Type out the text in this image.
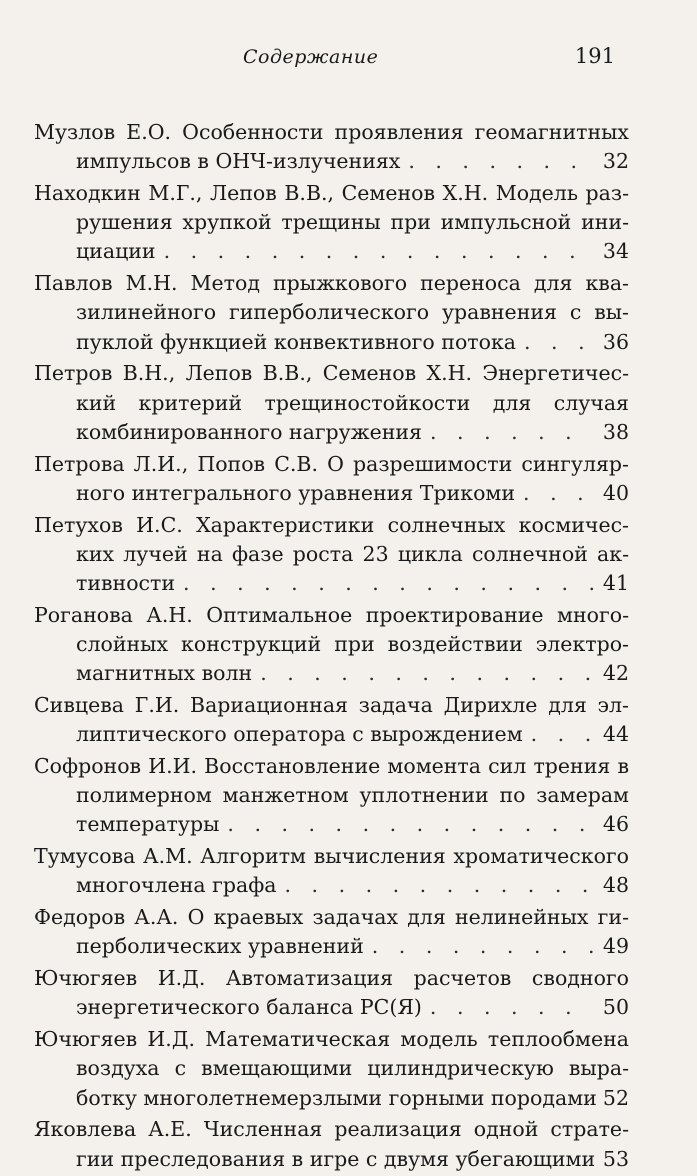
Содержание	191
Музлов Е.О. Особенности проявления геомагнитных
импульсов в ОНЧ-излучениях . . .	32
Находкин М.Г., Лепов В.В., Семенов Х.Н. Модель раз-
рушения хрупкой трещины при импульсной ини-
циации . . .	34
Павлов М.Н. Метод прыжкового переноса для ква-
зилинейного гиперболического уравнения с вы-
пуклой функцией конвективного потока . . .	36
Петров В.Н., Лепов В.В., Семенов Х.Н. Энергетичес-
кий критерий трещиностойкости для случая
комбинированного нагружения . . .	38
Петрова Л.И., Попов С.В. О разрешимости сингуляр-
ного интегрального уравнения Трикоми . . .	40
Петухов И.С. Характеристики солнечных космичес-
ких лучей на фазе роста 23 цикла солнечной ак-
тивности . . .	41
Роганова А.Н. Оптимальное проектирование много-
слойных конструкций при воздействии электро-
магнитных волн . . .	42
Сивцева Г.И. Вариационная задача Дирихле для эл-
липтического оператора с вырождением . . .	44
Софронов И.И. Восстановление момента сил трения в
полимерном манжетном уплотнении по замерам
температуры . . .	46
Тумусова А.М. Алгоритм вычисления хроматического
многочлена графа . . .	48
Федоров А.А. О краевых задачах для нелинейных ги-
перболических уравнений . . .	49
Ючюгяев И.Д. Автоматизация расчетов сводного
энергетического баланса РС(Я) . . .	50
Ючюгяев И.Д. Математическая модель теплообмена
воздуха с вмещающими цилиндрическую выра-
ботку многолетнемерзлыми горными породами 52
Яковлева А.Е. Численная реализация одной страте-
гии преследования в игре с двумя убегающими 53
